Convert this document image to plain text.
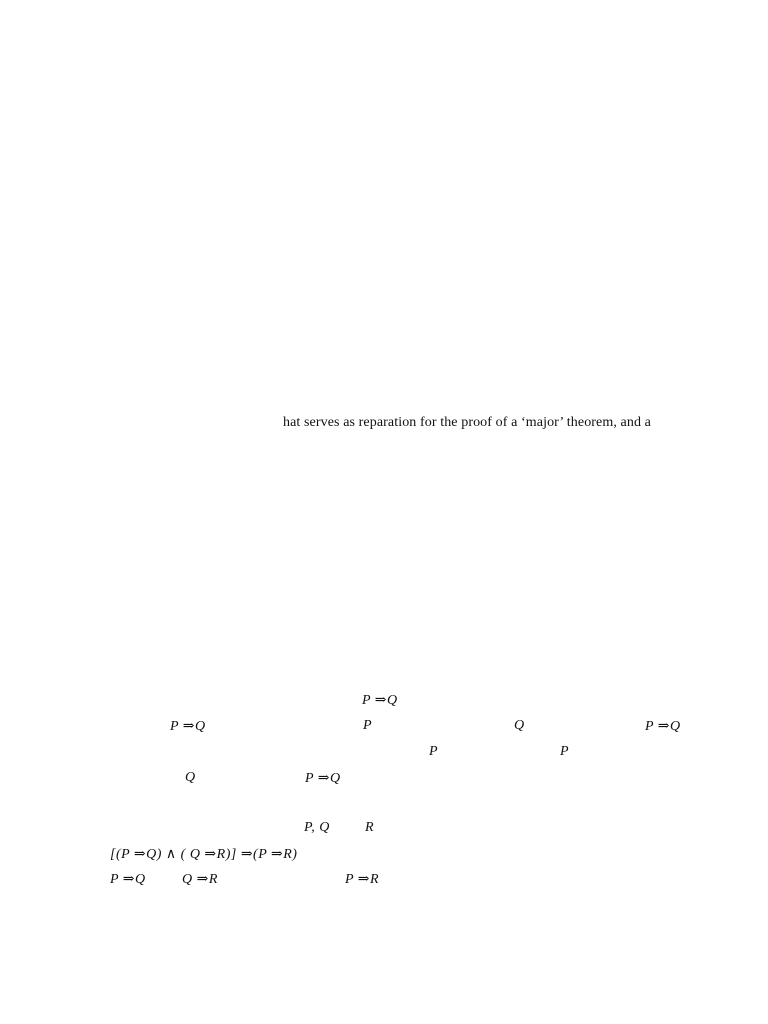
hat serves as reparation for the proof of a ‘major’ theorem, and a
P ⇒Q
P ⇒Q	P	Q	P ⇒Q
P	P
Q	P ⇒Q
P, Q	R
[(P ⇒Q) ∧ ( Q ⇒R)] ⇒(P ⇒R)
P ⇒Q	Q ⇒R	P ⇒R
